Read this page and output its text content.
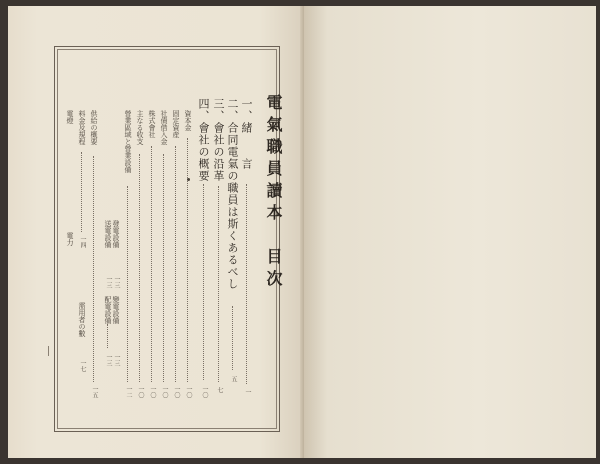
電氣職員讀本　目次
一、緒　　言
一
二、合同電氣の職員は斯くあるべし
五
三、會社の沿革
七
四、會社の概要
一〇
資本金
一〇
固定資産
一〇
社債借入金
一〇
株式會社
一〇
主なる收支
一〇
營業區域と營業設備
一二
發電設備
一三
送電設備
一三
變電設備
一三
配電設備
一三
供給の概要
一五
料金及規程
一四
需用者の數
一七
電燈
電力
